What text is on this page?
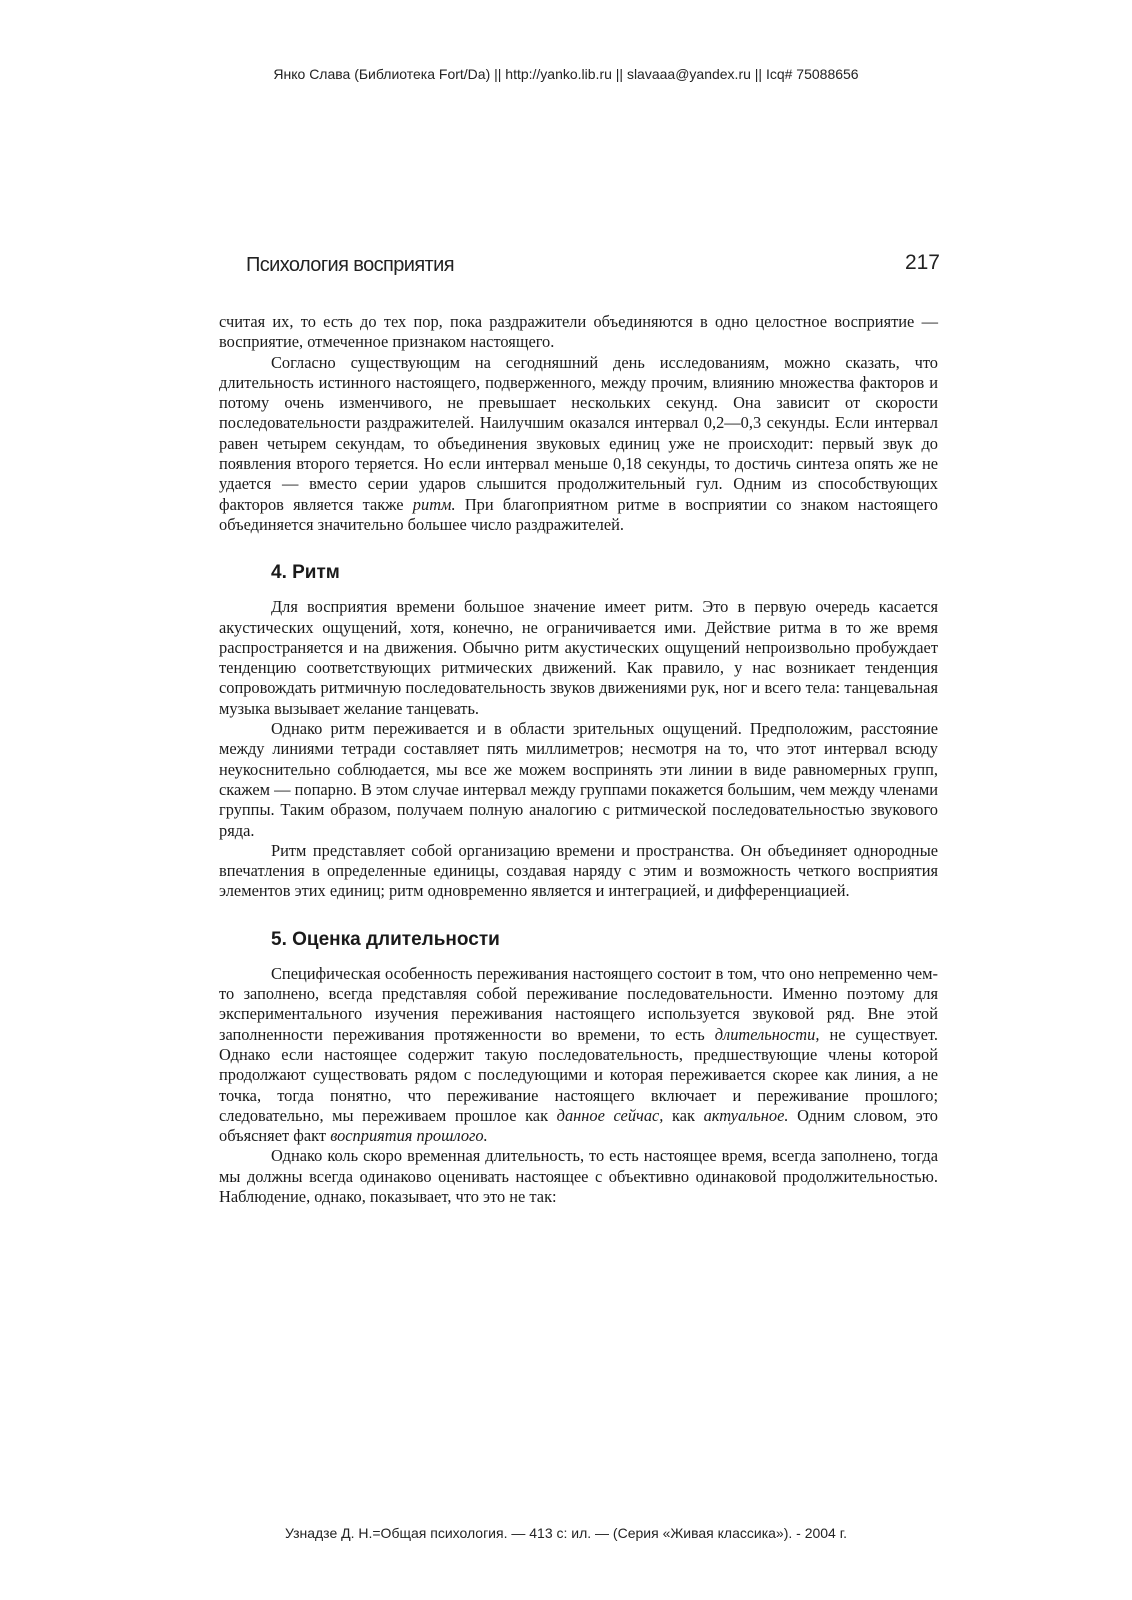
Янко Слава (Библиотека Fort/Da) || http://yanko.lib.ru || slavaaa@yandex.ru || Icq# 75088656
Психология восприятия	217

считая их, то есть до тех пор, пока раздражители объединяются в одно целостное восприятие — восприятие, отмеченное признаком настоящего.

Согласно существующим на сегодняшний день исследованиям, можно сказать, что длительность истинного настоящего, подверженного, между прочим, влиянию множества факторов и потому очень изменчивого, не превышает нескольких секунд. Она зависит от скорости последовательности раздражителей. Наилучшим оказался интервал 0,2—0,3 секунды. Если интервал равен четырем секундам, то объединения звуковых единиц уже не происходит: первый звук до появления второго теряется. Но если интервал меньше 0,18 секунды, то достичь синтеза опять же не удается — вместо серии ударов слышится продолжительный гул. Одним из способствующих факторов является также ритм. При благоприятном ритме в восприятии со знаком настоящего объединяется значительно большее число раздражителей.

4. Ритм

Для восприятия времени большое значение имеет ритм. Это в первую очередь касается акустических ощущений, хотя, конечно, не ограничивается ими. Действие ритма в то же время распространяется и на движения. Обычно ритм акустических ощущений непроизвольно пробуждает тенденцию соответствующих ритмических движений. Как правило, у нас возникает тенденция сопровождать ритмичную последовательность звуков движениями рук, ног и всего тела: танцевальная музыка вызывает желание танцевать.

Однако ритм переживается и в области зрительных ощущений. Предположим, расстояние между линиями тетради составляет пять миллиметров; несмотря на то, что этот интервал всюду неукоснительно соблюдается, мы все же можем воспринять эти линии в виде равномерных групп, скажем — попарно. В этом случае интервал между группами покажется большим, чем между членами группы. Таким образом, получаем полную аналогию с ритмической последовательностью звукового ряда.

Ритм представляет собой организацию времени и пространства. Он объединяет однородные впечатления в определенные единицы, создавая наряду с этим и возможность четкого восприятия элементов этих единиц; ритм одновременно является и интеграцией, и дифференциацией.

5. Оценка длительности

Специфическая особенность переживания настоящего состоит в том, что оно непременно чем-то заполнено, всегда представляя собой переживание последовательности. Именно поэтому для экспериментального изучения переживания настоящего используется звуковой ряд. Вне этой заполненности переживания протяженности во времени, то есть длительности, не существует. Однако если настоящее содержит такую последовательность, предшествующие члены которой продолжают существовать рядом с последующими и которая переживается скорее как линия, а не точка, тогда понятно, что переживание настоящего включает и переживание прошлого; следовательно, мы переживаем прошлое как данное сейчас, как актуальное. Одним словом, это объясняет факт восприятия прошлого.

Однако коль скоро временная длительность, то есть настоящее время, всегда заполнено, тогда мы должны всегда одинаково оценивать настоящее с объективно одинаковой продолжительностью. Наблюдение, однако, показывает, что это не так:

Узнадзе Д. Н.=Общая психология. — 413 с: ил. — (Серия «Живая классика»). - 2004 г.
